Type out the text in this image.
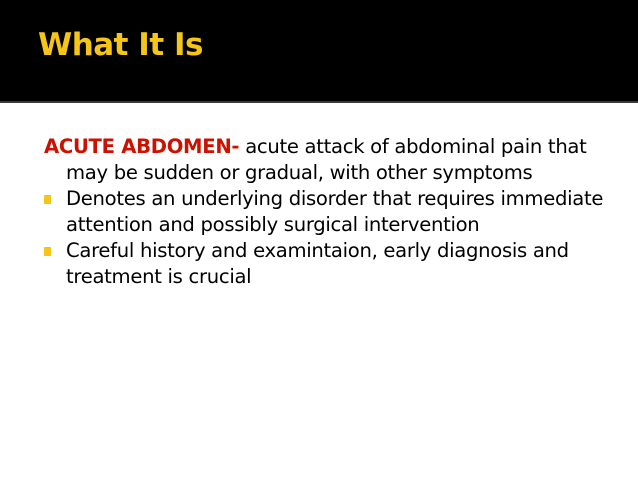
What It Is

ACUTE ABDOMEN- acute attack of abdominal pain that may be sudden or gradual, with other symptoms

Denotes an underlying disorder that requires immediate attention and possibly surgical intervention

Careful history and examintaion, early diagnosis and treatment is crucial
